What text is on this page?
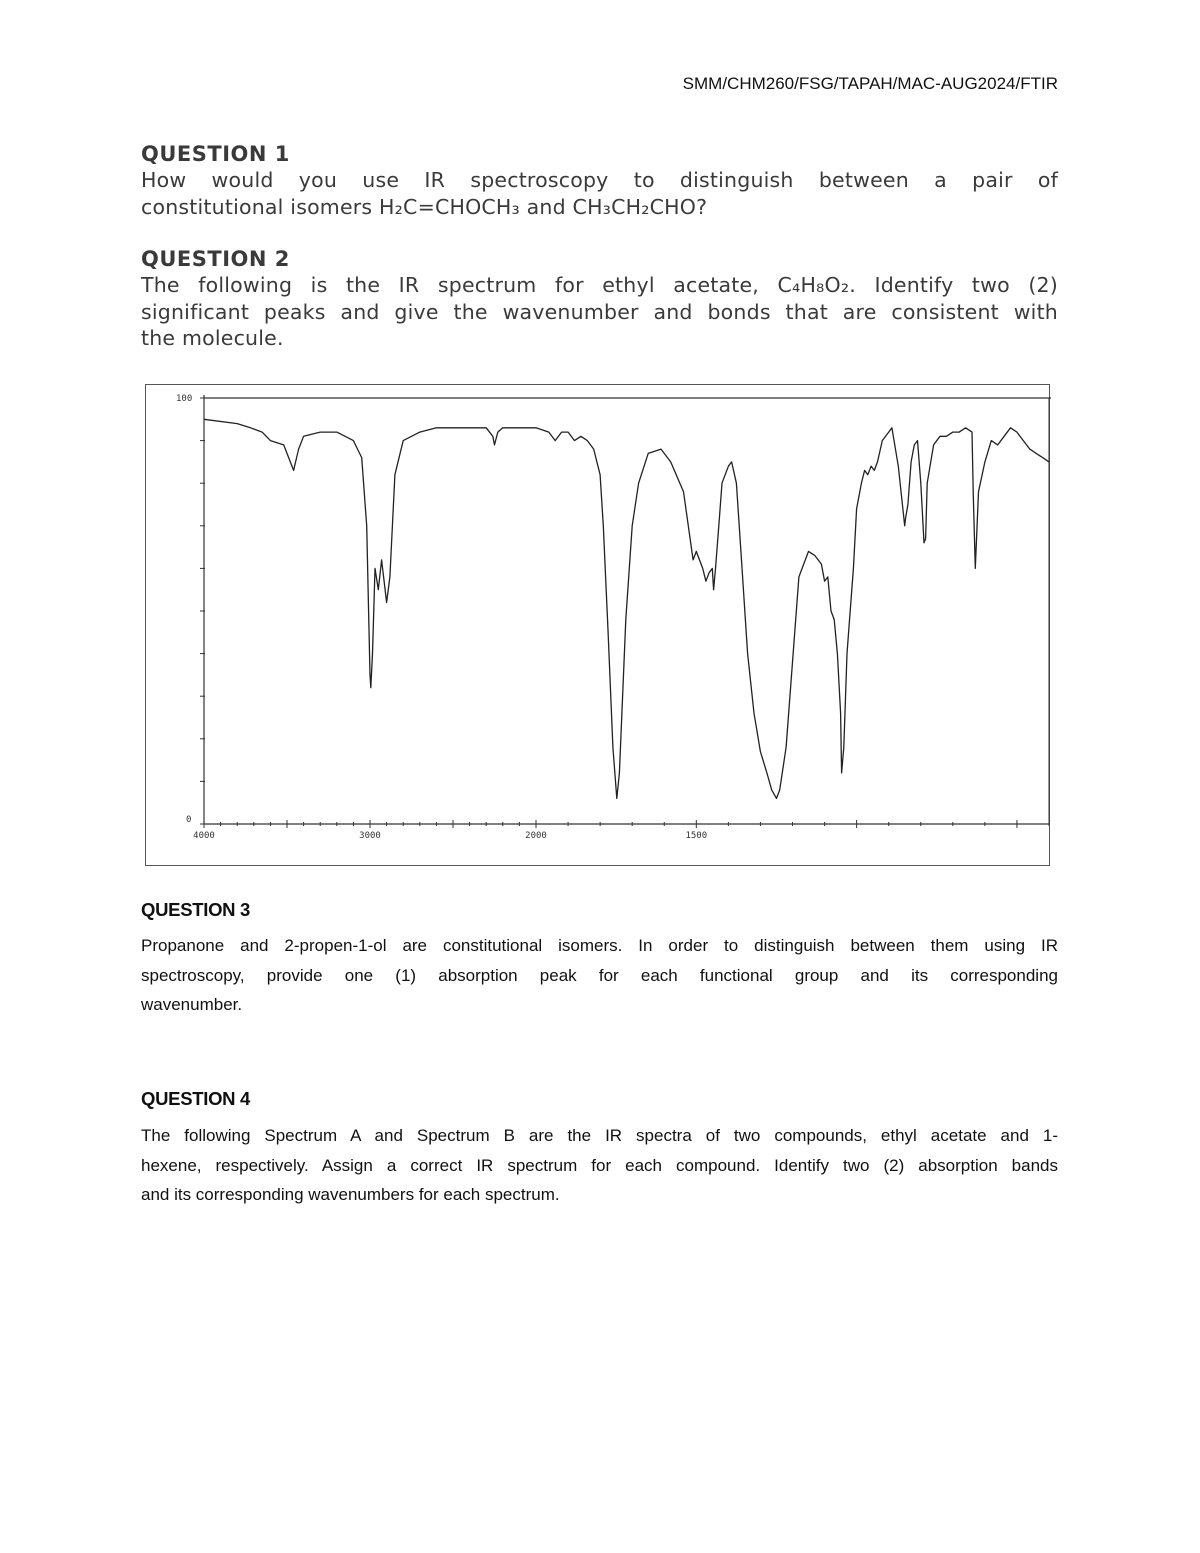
SMM/CHM260/FSG/TAPAH/MAC-AUG2024/FTIR
QUESTION 1

How would you use IR spectroscopy to distinguish between a pair of
constitutional isomers H₂C=CHOCH₃ and CH₃CH₂CHO?

QUESTION 2

The following is the IR spectrum for ethyl acetate, C₄H₈O₂. Identify two (2)
significant peaks and give the wavenumber and bonds that are consistent with
the molecule.

100
0
4000	3000	2000	1500
QUESTION 3

Propanone and 2-propen-1-ol are constitutional isomers. In order to distinguish between them using IR
spectroscopy, provide one (1) absorption peak for each functional group and its corresponding
wavenumber.

QUESTION 4

The following Spectrum A and Spectrum B are the IR spectra of two compounds, ethyl acetate and 1-
hexene, respectively. Assign a correct IR spectrum for each compound. Identify two (2) absorption bands
and its corresponding wavenumbers for each spectrum.
